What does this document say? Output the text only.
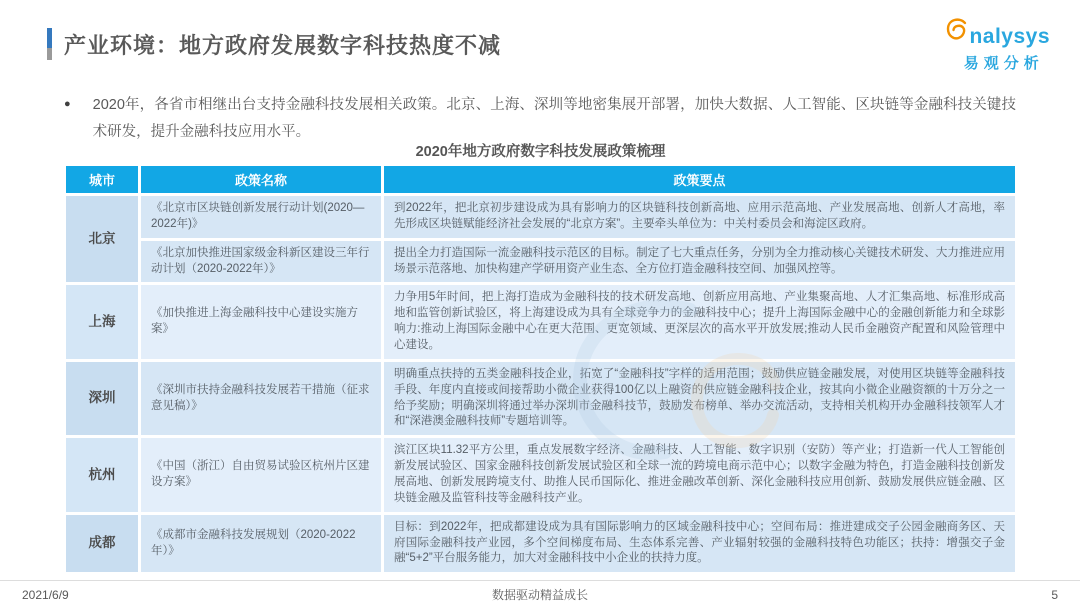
产业环境：地方政府发展数字科技热度不减	nalysys
易观分析
● 2020年，各省市相继出台支持金融科技发展相关政策。北京、上海、深圳等地密集展开部署，加快大数据、人工智能、区块链等金融科技关键技术研发，提升金融科技应用水平。
2020年地方政府数字科技发展政策梳理
城市	政策名称	政策要点
北京	《北京市区块链创新发展行动计划(2020—2022年)》	到2022年，把北京初步建设成为具有影响力的区块链科技创新高地、应用示范高地、产业发展高地、创新人才高地，率先形成区块链赋能经济社会发展的“北京方案”。主要牵头单位为：中关村委员会和海淀区政府。
	《北京加快推进国家级金科新区建设三年行动计划（2020-2022年）》	提出全力打造国际一流金融科技示范区的目标。制定了七大重点任务，分别为全力推动核心关键技术研发、大力推进应用场景示范落地、加快构建产学研用资产业生态、全方位打造金融科技空间、加强风控等。
上海	《加快推进上海金融科技中心建设实施方案》	力争用5年时间，把上海打造成为金融科技的技术研发高地、创新应用高地、产业集聚高地、人才汇集高地、标准形成高地和监管创新试验区，将上海建设成为具有全球竞争力的金融科技中心；提升上海国际金融中心的金融创新能力和全球影响力:推动上海国际金融中心在更大范围、更宽领域、更深层次的高水平开放发展;推动人民币金融资产配置和风险管理中心建设。
深圳	《深圳市扶持金融科技发展若干措施（征求意见稿）》	明确重点扶持的五类金融科技企业，拓宽了“金融科技”字样的适用范围；鼓励供应链金融发展，对使用区块链等金融科技手段、年度内直接或间接帮助小微企业获得100亿以上融资的供应链金融科技企业，按其向小微企业融资额的十万分之一给予奖励；明确深圳将通过举办深圳市金融科技节，鼓励发布榜单、举办交流活动，支持相关机构开办金融科技领军人才和“深港澳金融科技师”专题培训等。
杭州	《中国（浙江）自由贸易试验区杭州片区建设方案》	滨江区块11.32平方公里，重点发展数字经济、金融科技、人工智能、数字识别（安防）等产业；打造新一代人工智能创新发展试验区、国家金融科技创新发展试验区和全球一流的跨境电商示范中心；以数字金融为特色，打造金融科技创新发展高地、创新发展跨境支付、助推人民币国际化、推进金融改革创新、深化金融科技应用创新、鼓励发展供应链金融、区块链金融及监管科技等金融科技产业。
成都	《成都市金融科技发展规划（2020-2022年）》	目标：到2022年，把成都建设成为具有国际影响力的区域金融科技中心；空间布局：推进建成交子公园金融商务区、天府国际金融科技产业园，多个空间梯度布局、生态体系完善、产业辐射较强的金融科技特色功能区；扶持：增强交子金融“5+2”平台服务能力，加大对金融科技中小企业的扶持力度。
2021/6/9	数据驱动精益成长	5
